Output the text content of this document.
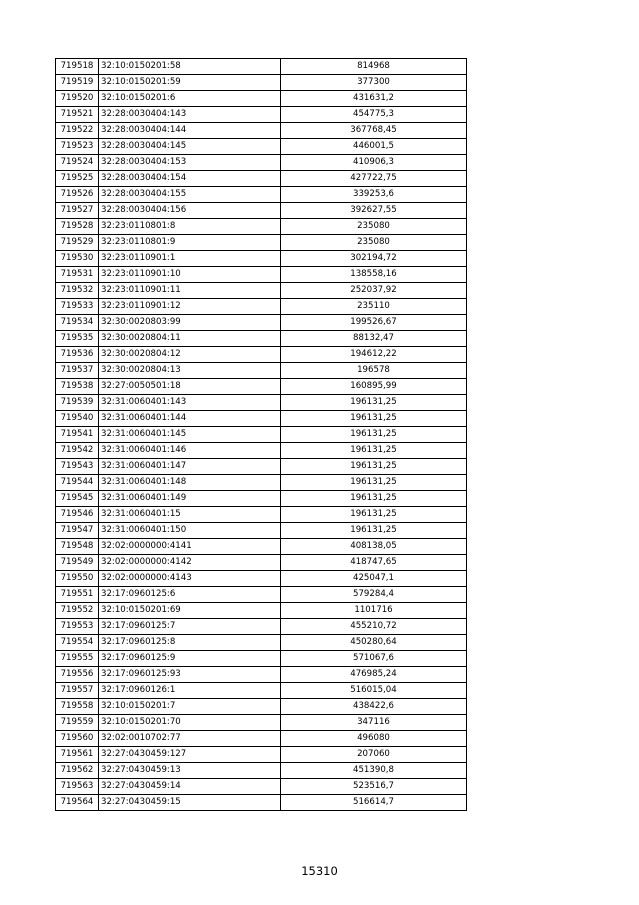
719518	32:10:0150201:58	814968
719519	32:10:0150201:59	377300
719520	32:10:0150201:6	431631,2
719521	32:28:0030404:143	454775,3
719522	32:28:0030404:144	367768,45
719523	32:28:0030404:145	446001,5
719524	32:28:0030404:153	410906,3
719525	32:28:0030404:154	427722,75
719526	32:28:0030404:155	339253,6
719527	32:28:0030404:156	392627,55
719528	32:23:0110801:8	235080
719529	32:23:0110801:9	235080
719530	32:23:0110901:1	302194,72
719531	32:23:0110901:10	138558,16
719532	32:23:0110901:11	252037,92
719533	32:23:0110901:12	235110
719534	32:30:0020803:99	199526,67
719535	32:30:0020804:11	88132,47
719536	32:30:0020804:12	194612,22
719537	32:30:0020804:13	196578
719538	32:27:0050501:18	160895,99
719539	32:31:0060401:143	196131,25
719540	32:31:0060401:144	196131,25
719541	32:31:0060401:145	196131,25
719542	32:31:0060401:146	196131,25
719543	32:31:0060401:147	196131,25
719544	32:31:0060401:148	196131,25
719545	32:31:0060401:149	196131,25
719546	32:31:0060401:15	196131,25
719547	32:31:0060401:150	196131,25
719548	32:02:0000000:4141	408138,05
719549	32:02:0000000:4142	418747,65
719550	32:02:0000000:4143	425047,1
719551	32:17:0960125:6	579284,4
719552	32:10:0150201:69	1101716
719553	32:17:0960125:7	455210,72
719554	32:17:0960125:8	450280,64
719555	32:17:0960125:9	571067,6
719556	32:17:0960125:93	476985,24
719557	32:17:0960126:1	516015,04
719558	32:10:0150201:7	438422,6
719559	32:10:0150201:70	347116
719560	32:02:0010702:77	496080
719561	32:27:0430459:127	207060
719562	32:27:0430459:13	451390,8
719563	32:27:0430459:14	523516,7
719564	32:27:0430459:15	516614,7
15310
